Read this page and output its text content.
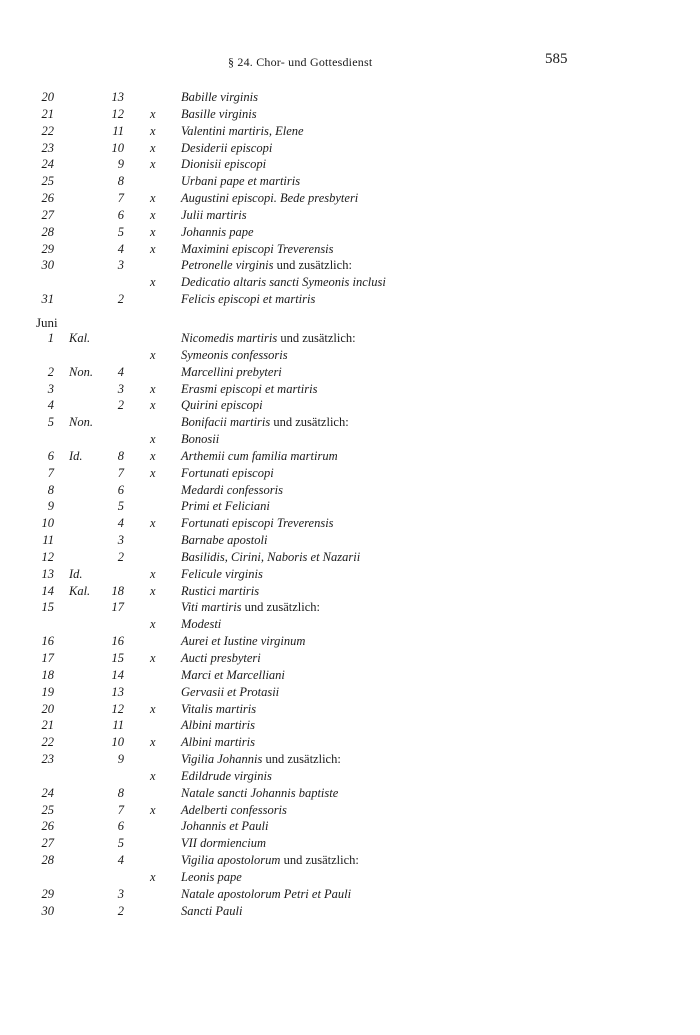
§ 24. Chor- und Gottesdienst	585
20	13	Babille virginis
21	12 x Basille virginis
22	11 x Valentini martiris, Elene
23	10 x Desiderii episcopi
24	9 x Dionisii episcopi
25	8	Urbani pape et martiris
26	7 x Augustini episcopi. Bede presbyteri
27	6 x Julii martiris
28	5 x Johannis pape
29	4 x Maximini episcopi Treverensis
30	3	Petronelle virginis und zusätzlich:
x Dedicatio altaris sancti Symeonis inclusi
31	2	Felicis episcopi et martiris
Juni
1 Kal.	Nicomedis martiris und zusätzlich:
x Symeonis confessoris
2 Non.	4	Marcellini prebyteri
3	3 x Erasmi episcopi et martiris
4	2 x Quirini episcopi
5 Non.	Bonifacii martiris und zusätzlich:
x Bonosii
6 Id.	8 x Arthemii cum familia martirum
7	7 x Fortunati episcopi
8	6	Medardi confessoris
9	5	Primi et Feliciani
10	4 x Fortunati episcopi Treverensis
11	3	Barnabe apostoli
12	2	Basilidis, Cirini, Naboris et Nazarii
13 Id.	x Felicule virginis
14 Kal.	18 x Rustici martiris
15	17	Viti martiris und zusätzlich:
x Modesti
16	16	Aurei et Iustine virginum
17	15 x Aucti presbyteri
18	14	Marci et Marcelliani
19	13	Gervasii et Protasii
20	12 x Vitalis martiris
21	11	Albini martiris
22	10 x Albini martiris
23	9	Vigilia Johannis und zusätzlich:
x Edildrude virginis
24	8	Natale sancti Johannis baptiste
25	7 x Adelberti confessoris
26	6	Johannis et Pauli
27	5	VII dormiencium
28	4	Vigilia apostolorum und zusätzlich:
x Leonis pape
29	3	Natale apostolorum Petri et Pauli
30	2	Sancti Pauli
